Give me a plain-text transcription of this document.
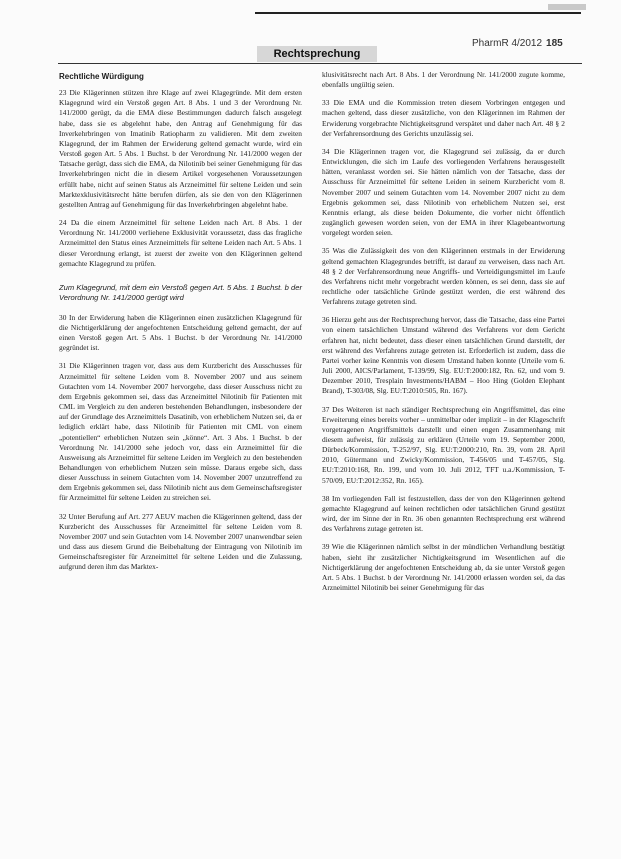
Rechtsprechung
PharmR 4/2012 185
Rechtliche Würdigung

23 Die Klägerinnen stützen ihre Klage auf zwei Klagegründe. Mit dem ersten Klagegrund wird ein Verstoß gegen Art. 8 Abs. 1 und 3 der Verordnung Nr. 141/2000 gerügt, da die EMA diese Bestimmungen dadurch falsch ausgelegt habe, dass sie es abgelehnt habe, den Antrag auf Genehmigung für das Inverkehrbringen von Imatinib Ratiopharm zu validieren. Mit dem zweiten Klagegrund, der im Rahmen der Erwiderung geltend gemacht wurde, wird ein Verstoß gegen Art. 5 Abs. 1 Buchst. b der Verordnung Nr. 141/2000 wegen der Tatsache gerügt, dass sich die EMA, da Nilotinib bei seiner Genehmigung für das Inverkehrbringen nicht die in diesem Artikel vorgesehenen Voraussetzungen erfüllt habe, nicht auf seinen Status als Arzneimittel für seltene Leiden und sein Marktexklusivitätsrecht hätte berufen dürfen, als sie den von den Klägerinnen gestellten Antrag auf Genehmigung für das Inverkehrbringen abgelehnt habe.

24 Da die einem Arzneimittel für seltene Leiden nach Art. 8 Abs. 1 der Verordnung Nr. 141/2000 verliehene Exklusivität voraussetzt, dass das fragliche Arzneimittel den Status eines Arzneimittels für seltene Leiden nach Art. 5 Abs. 1 dieser Verordnung erlangt, ist zuerst der zweite von den Klägerinnen geltend gemachte Klagegrund zu prüfen.

Zum Klagegrund, mit dem ein Verstoß gegen Art. 5 Abs. 1 Buchst. b der Verordnung Nr. 141/2000 gerügt wird

30 In der Erwiderung haben die Klägerinnen einen zusätzlichen Klagegrund für die Nichtigerklärung der angefochtenen Entscheidung geltend gemacht, der auf einen Verstoß gegen Art. 5 Abs. 1 Buchst. b der Verordnung Nr. 141/2000 gegründet ist.

31 Die Klägerinnen tragen vor, dass aus dem Kurzbericht des Ausschusses für Arzneimittel für seltene Leiden vom 8. November 2007 und aus seinem Gutachten vom 14. November 2007 hervorgehe, dass dieser Ausschuss nicht zu dem Ergebnis gekommen sei, dass das Arzneimittel Nilotinib für Patienten mit CML im Vergleich zu den anderen bestehenden Behandlungen, insbesondere der auf der Grundlage des Arzneimittels Dasatinib, von erheblichem Nutzen sei, da er lediglich erklärt habe, dass Nilotinib für Patienten mit CML von einem „potentiellen“ erheblichen Nutzen sein „könne“. Art. 3 Abs. 1 Buchst. b der Verordnung Nr. 141/2000 sehe jedoch vor, dass ein Arzneimittel für die Ausweisung als Arzneimittel für seltene Leiden im Vergleich zu den bestehenden Behandlungen von erheblichem Nutzen sein müsse. Daraus ergebe sich, dass dieser Ausschuss in seinem Gutachten vom 14. November 2007 unzutreffend zu dem Ergebnis gekommen sei, dass Nilotinib nicht aus dem Gemeinschaftsregister für Arzneimittel für seltene Leiden zu streichen sei.

32 Unter Berufung auf Art. 277 AEUV machen die Klägerinnen geltend, dass der Kurzbericht des Ausschusses für Arzneimittel für seltene Leiden vom 8. November 2007 und sein Gutachten vom 14. November 2007 unanwendbar seien und dass aus diesem Grund die Beibehaltung der Eintragung von Nilotinib im Gemeinschaftsregister für Arzneimittel für seltene Leiden und die Zulassung, aufgrund deren ihm das Marktex-

klusivitätsrecht nach Art. 8 Abs. 1 der Verordnung Nr. 141/2000 zugute komme, ebenfalls ungültig seien.

33 Die EMA und die Kommission treten diesem Vorbringen entgegen und machen geltend, dass dieser zusätzliche, von den Klägerinnen im Rahmen der Erwiderung vorgebrachte Nichtigkeitsgrund verspätet und daher nach Art. 48 § 2 der Verfahrensordnung des Gerichts unzulässig sei.

34 Die Klägerinnen tragen vor, die Klagegrund sei zulässig, da er durch Entwicklungen, die sich im Laufe des vorliegenden Verfahrens herausgestellt hätten, veranlasst worden sei. Sie hätten nämlich von der Tatsache, dass der Ausschuss für Arzneimittel für seltene Leiden in seinem Kurzbericht vom 8. November 2007 und seinem Gutachten vom 14. November 2007 nicht zu dem Ergebnis gekommen sei, dass Nilotinib von erheblichem Nutzen sei, erst Kenntnis erlangt, als diese beiden Dokumente, die vorher nicht öffentlich zugänglich gewesen worden seien, von der EMA in ihrer Klagebeantwortung vorgelegt worden seien.

35 Was die Zulässigkeit des von den Klägerinnen erstmals in der Erwiderung geltend gemachten Klagegrundes betrifft, ist darauf zu verweisen, dass nach Art. 48 § 2 der Verfahrensordnung neue Angriffs- und Verteidigungsmittel im Laufe des Verfahrens nicht mehr vorgebracht werden können, es sei denn, dass sie auf rechtliche oder tatsächliche Gründe gestützt werden, die erst während des Verfahrens zutage getreten sind.

36 Hierzu geht aus der Rechtsprechung hervor, dass die Tatsache, dass eine Partei von einem tatsächlichen Umstand während des Verfahrens vor dem Gericht erfahren hat, nicht bedeutet, dass dieser einen tatsächlichen Grund darstellt, der erst während des Verfahrens zutage getreten ist. Erforderlich ist zudem, dass die Partei vorher keine Kenntnis von diesem Umstand haben konnte (Urteile vom 6. Juli 2000, AICS/Parlament, T-139/99, Slg. EU:T:2000:182, Rn. 62, und vom 9. Dezember 2010, Tresplain Investments/HABM – Hoo Hing (Golden Elephant Brand), T-303/08, Slg. EU:T:2010:505, Rn. 167).

37 Des Weiteren ist nach ständiger Rechtsprechung ein Angriffsmittel, das eine Erweiterung eines bereits vorher – unmittelbar oder implizit – in der Klageschrift vorgetragenen Angriffsmittels darstellt und einen engen Zusammenhang mit diesem aufweist, für zulässig zu erklären (Urteile vom 19. September 2000, Dürbeck/Kommission, T-252/97, Slg. EU:T:2000:210, Rn. 39, vom 28. April 2010, Gütermann und Zwicky/Kommission, T-456/05 und T-457/05, Slg. EU:T:2010:168, Rn. 199, und vom 10. Juli 2012, TFT u.a./Kommission, T-570/09, EU:T:2012:352, Rn. 165).

38 Im vorliegenden Fall ist festzustellen, dass der von den Klägerinnen geltend gemachte Klagegrund auf keinen rechtlichen oder tatsächlichen Grund gestützt wird, der im Sinne der in Rn. 36 oben genannten Rechtsprechung erst während des Verfahrens zutage getreten ist.

39 Wie die Klägerinnen nämlich selbst in der mündlichen Verhandlung bestätigt haben, sieht ihr zusätzlicher Nichtigkeitsgrund im Wesentlichen auf die Nichtigerklärung der angefochtenen Entscheidung ab, da sie unter Verstoß gegen Art. 5 Abs. 1 Buchst. b der Verordnung Nr. 141/2000 erlassen worden sei, da das Arzneimittel Nilotinib bei seiner Genehmigung für das
